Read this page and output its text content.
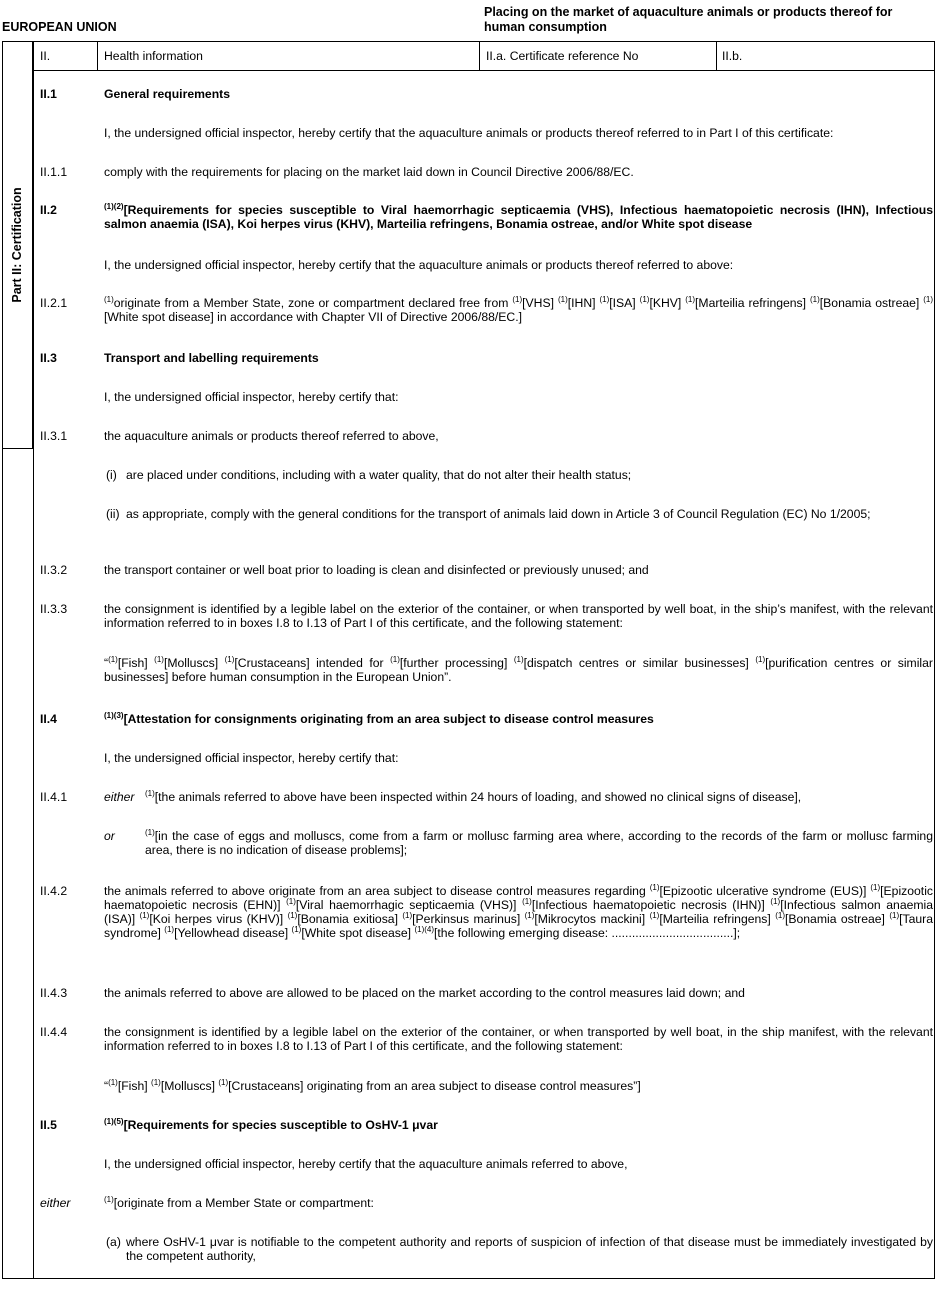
EUROPEAN UNION
Placing on the market of aquaculture animals or products thereof for human consumption
Part II: Certification
II.	Health information	II.a. Certificate reference No	II.b.
II.1	General requirements
I, the undersigned official inspector, hereby certify that the aquaculture animals or products thereof referred to in Part I of this certificate:
II.1.1	comply with the requirements for placing on the market laid down in Council Directive 2006/88/EC.
II.2	$^{(1)(2)}$[Requirements for species susceptible to Viral haemorrhagic septicaemia (VHS), Infectious haematopoietic necrosis (IHN), Infectious salmon anaemia (ISA), Koi herpes virus (KHV), Marteilia refringens, Bonamia ostreae, and/or White spot disease
I, the undersigned official inspector, hereby certify that the aquaculture animals or products thereof referred to above:
II.2.1	$^{(1)}$originate from a Member State, zone or compartment declared free from $^{(1)}$[VHS] $^{(1)}$[IHN] $^{(1)}$[ISA] $^{(1)}$[KHV] $^{(1)}$[Marteilia refringens] $^{(1)}$[Bonamia ostreae] $^{(1)}$[White spot disease] in accordance with Chapter VII of Directive 2006/88/EC.]
II.3	Transport and labelling requirements
I, the undersigned official inspector, hereby certify that:
II.3.1	the aquaculture animals or products thereof referred to above,
(i) are placed under conditions, including with a water quality, that do not alter their health status;
(ii) as appropriate, comply with the general conditions for the transport of animals laid down in Article 3 of Council Regulation (EC) No 1/2005;
II.3.2	the transport container or well boat prior to loading is clean and disinfected or previously unused; and
II.3.3	the consignment is identified by a legible label on the exterior of the container, or when transported by well boat, in the ship’s manifest, with the relevant information referred to in boxes I.8 to I.13 of Part I of this certificate, and the following statement:
“$^{(1)}$[Fish] $^{(1)}$[Molluscs] $^{(1)}$[Crustaceans] intended for $^{(1)}$[further processing] $^{(1)}$[dispatch centres or similar businesses] $^{(1)}$[purification centres or similar businesses] before human consumption in the European Union”.
II.4	$^{(1)(3)}$[Attestation for consignments originating from an area subject to disease control measures
I, the undersigned official inspector, hereby certify that:
II.4.1	either $^{(1)}$[the animals referred to above have been inspected within 24 hours of loading, and showed no clinical signs of disease],
or	$^{(1)}$[in the case of eggs and molluscs, come from a farm or mollusc farming area where, according to the records of the farm or mollusc farming area, there is no indication of disease problems];
II.4.2	the animals referred to above originate from an area subject to disease control measures regarding $^{(1)}$[Epizootic ulcerative syndrome (EUS)] $^{(1)}$[Epizootic haematopoietic necrosis (EHN)] $^{(1)}$[Viral haemorrhagic septicaemia (VHS)] $^{(1)}$[Infectious haematopoietic necrosis (IHN)] $^{(1)}$[Infectious salmon anaemia (ISA)] $^{(1)}$[Koi herpes virus (KHV)] $^{(1)}$[Bonamia exitiosa] $^{(1)}$[Perkinsus marinus] $^{(1)}$[Mikrocytos mackini] $^{(1)}$[Marteilia refringens] $^{(1)}$[Bonamia ostreae] $^{(1)}$[Taura syndrome] $^{(1)}$[Yellowhead disease] $^{(1)}$[White spot disease] $^{(1)(4)}$[the following emerging disease: ....................................];
II.4.3	the animals referred to above are allowed to be placed on the market according to the control measures laid down; and
II.4.4	the consignment is identified by a legible label on the exterior of the container, or when transported by well boat, in the ship manifest, with the relevant information referred to in boxes I.8 to I.13 of Part I of this certificate, and the following statement:
“$^{(1)}$[Fish] $^{(1)}$[Molluscs] $^{(1)}$[Crustaceans] originating from an area subject to disease control measures”]
II.5	$^{(1)(5)}$[Requirements for species susceptible to OsHV-1 μvar
I, the undersigned official inspector, hereby certify that the aquaculture animals referred to above,
either	$^{(1)}$[originate from a Member State or compartment:
(a) where OsHV-1 μvar is notifiable to the competent authority and reports of suspicion of infection of that disease must be immediately investigated by the competent authority,
